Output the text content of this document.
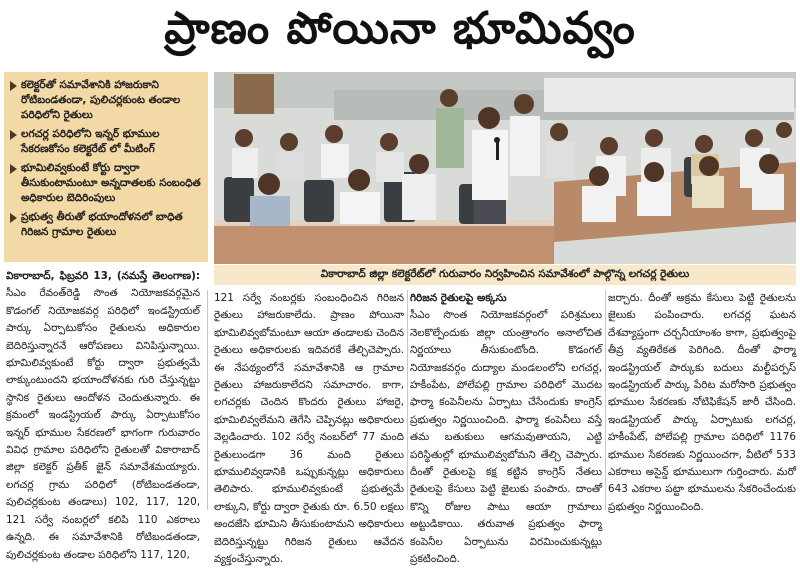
ప్రాణం పోయినా భూమివ్వం
కలెక్టర్‌తో సమావేశానికి హాజరుకాని రోటిబండతండా, పులిచర్లకుంట తండాల పరిధిలోని రైతులు
లగచర్ల పరిధిలోని ఇన్నర్ భూముల సేకరణకోసం కలెక్టరేట్ లో మీటింగ్
భూమిలివ్వకుంటే కోర్టు ద్వారా తీసుకుంటామంటూ అన్నదాతలకు సంబంధిత అధికారుల బెదిరింపులు
ప్రభుత్వ తీరుతో భయాందోళనలో బాధిత గిరిజన గ్రామాల రైతులు
వికారాబాద్ జిల్లా కలెక్టరేట్‌లో గురువారం నిర్వహించిన సమావేశంలో పాల్గొన్న లగచర్ల రైతులు
వికారాబాద్, ఫిబ్రవరి 13, (నమస్తే తెలంగాణ): సీఎం రేవంత్‌రెడ్డి సొంత నియోజకవర్గమైన కొడంగల్ నియోజకవర్గ పరిధిలో ఇండస్ట్రియల్ పార్కు ఏర్పాటుకోసం రైతులను అధికారుల బెదిరిస్తున్నారనే ఆరోపణలు వినిపిస్తున్నాయి. భూమిలివ్వకుంటే కోర్టు ద్వారా ప్రభుత్వమే లాక్కుంటుందని భయాందోళనకు గురి చేస్తున్నట్టు స్థానిక రైతులు ఆందోళన చెందుతున్నారు. ఈ క్రమంలో ఇండస్ట్రియల్ పార్కు ఏర్పాటుకోసం ఇన్నర్ భూముల సేకరణలో భాగంగా గురువారం వివిధ గ్రామాల పరిధిలోని రైతులతో వికారాబాద్ జిల్లా కలెక్టర్ ప్రతీక్ జైన్ సమావేశమయ్యారు. లగచర్ల గ్రామ పరిధిలో (రోటిబండతండా, పులిచర్లకుంట తండాలు) 102, 117, 120, 121 సర్వే నంబర్లలో కలిపి 110 ఎకరాలు ఉన్నది. ఈ సమావేశానికి రోటిబండతండా, పులిచర్లకుంట తండాల పరిధిలోని 117, 120,
121 సర్వే నంబర్లకు సంబంధించిన గిరిజన రైతులు హాజరుకాలేదు. ప్రాణం పోయినా భూమిలివ్వబోమంటూ ఆయా తండాలకు చెందిన రైతులు అధికారులకు ఇదివరకే తేల్చిచెప్పారు. ఈ నేపథ్యంలోనే సమావేశానికి ఆ గ్రామాల రైతులు హాజరుకాలేదని సమాచారం. కాగా, లగచర్లకు చెందిన కొందరు రైతులు హాజరై, భూమిలివ్వలేమని తెగేసి చెప్పినట్లు అధికారులు వెల్లడించారు. 102 సర్వే నంబర్‌లో 77 మంది రైతులుండగా 36 మంది రైతులు భూములివ్వడానికి ఒప్పుకున్నట్లు అధికారులు తెలిపారు. భూములివ్వకుంటే ప్రభుత్వమే లాక్కుని, కోర్టు ద్వారా రైతుకు రూ. 6.50 లక్షలు అందజేసి భూమిని తీసుకుంటామని అధికారులు బెదిరిస్తున్నట్టు గిరిజన రైతులు ఆవేదన వ్యక్తంచేస్తున్నారు.
గిరిజన రైతులపై అక్కసు
సీఎం సొంత నియోజకవర్గంలో పరిశ్రమలు నెలకొల్పేందుకు జిల్లా యంత్రాంగం అనాలోచిత నిర్ణయాలు తీసుకుంటోంది. కొడంగల్ నియోజకవర్గం దుద్యాల మండలంలోని లగచర్ల, హకీంపేట, పోలేపల్లి గ్రామాల పరిధిలో మొదట ఫార్మా కంపెనీలను ఏర్పాటు చేసేందుకు కాంగ్రెస్ ప్రభుత్వం నిర్ణయించింది. ఫార్మా కంపెనీలు వస్తే తమ బతుకులు ఆగమవుతాయని, ఎట్టి పరిస్థితుల్లో భూములివ్వబోమని తేల్చి చెప్పారు. దీంతో రైతులపై కక్ష కట్టిన కాంగ్రెస్ నేతలు రైతులపై కేసులు పెట్టి జైలుకు పంపారు. దాంతో కొన్ని రోజుల పాటు ఆయా గ్రామాలు అట్టుడికాయి. తరువాత ప్రభుత్వం ఫార్మా కంపెనీల ఏర్పాటును విరమించుకున్నట్లు ప్రకటించింది.
జర్చారు. దీంతో అక్రమ కేసులు పెట్టి రైతులను జైలుకు పంపించారు. లగచర్ల ఘటన దేశవ్యాప్తంగా చర్చనీయాంశం కాగా, ప్రభుత్వంపై తీవ్ర వ్యతిరేకత పెరిగింది. దీంతో ఫార్మా ఇండస్ట్రియల్ పార్కుకు బదులు మల్టీపర్పస్ ఇండస్ట్రియల్ పార్కు పేరిట మరోసారి ప్రభుత్వం భూముల సేకరణకు నోటిఫికేషన్ జారీ చేసింది. ఇండస్ట్రియల్ పార్కు ఏర్పాటుకు లగచర్ల, హకీంపేట్, పోలేపల్లి గ్రామాల పరిధిలో 1176 భూముల సేకరణకు నిర్ణయించగా, వీటిలో 533 ఎకరాలు అసైన్డ్ భూములుగా గుర్తించారు. మరో 643 ఎకరాల పట్టా భూములను సేకరించేందుకు ప్రభుత్వం నిర్ణయించింది.
